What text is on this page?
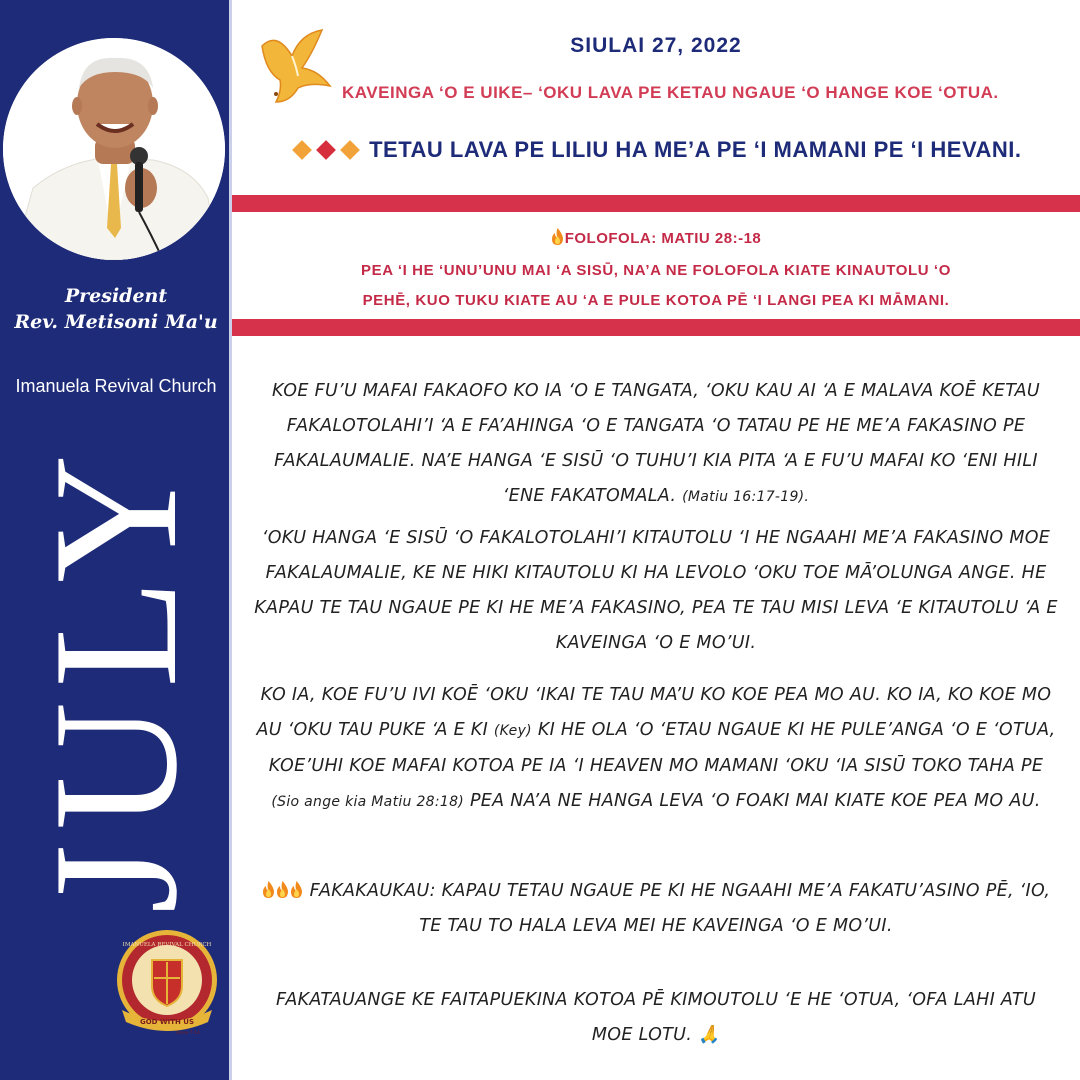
President
Rev. Metisoni Ma'u
Imanuela Revival Church
JULY
GOD WITH US
IMANUELA REVIVAL CHURCH
Aisea 7:14
SIULAI 27, 2022
KAVEINGA ‘O E UIKE– ‘OKU LAVA PE KETAU NGAUE ‘O HANGE KOE ‘OTUA.
TETAU LAVA PE LILIU HA ME’A PE ‘I MAMANI PE ‘I HEVANI.
FOLOFOLA: MATIU 28:-18
PEA ‘I HE ‘UNU’UNU MAI ‘A SISŪ, NA’A NE FOLOFOLA KIATE KINAUTOLU ‘O
PEHĒ, KUO TUKU KIATE AU ‘A E PULE KOTOA PĒ ‘I LANGI PEA KI MĀMANI.
KOE FU’U MAFAI FAKAOFO KO IA ‘O E TANGATA, ‘OKU KAU AI ‘A E MALAVA KOĒ KETAU FAKALOTOLAHI’I ‘A E FA’AHINGA ‘O E TANGATA ‘O TATAU PE HE ME’A FAKASINO PE FAKALAUMALIE. NA’E HANGA ‘E SISŪ ‘O TUHU’I KIA PITA ‘A E FU’U MAFAI KO ‘ENI HILI ‘ENE FAKATOMALA. (Matiu 16:17-19).
‘OKU HANGA ‘E SISŪ ‘O FAKALOTOLAHI’I KITAUTOLU ‘I HE NGAAHI ME’A FAKASINO MOE FAKALAUMALIE, KE NE HIKI KITAUTOLU KI HA LEVOLO ‘OKU TOE MĀ’OLUNGA ANGE. HE KAPAU TE TAU NGAUE PE KI HE ME’A FAKASINO, PEA TE TAU MISI LEVA ‘E KITAUTOLU ‘A E KAVEINGA ‘O E MO’UI.
KO IA, KOE FU’U IVI KOĒ ‘OKU ‘IKAI TE TAU MA’U KO KOE PEA MO AU. KO IA, KO KOE MO AU ‘OKU TAU PUKE ‘A E KI (Key) KI HE OLA ‘O ‘ETAU NGAUE KI HE PULE’ANGA ‘O E ‘OTUA, KOE’UHI KOE MAFAI KOTOA PE IA ‘I HEAVEN MO MAMANI ‘OKU ‘IA SISŪ TOKO TAHA PE (Sio ange kia Matiu 28:18) PEA NA’A NE HANGA LEVA ‘O FOAKI MAI KIATE KOE PEA MO AU.
FAKAKAUKAU: KAPAU TETAU NGAUE PE KI HE NGAAHI ME’A FAKATU’ASINO PĒ, ‘IO, TE TAU TO HALA LEVA MEI HE KAVEINGA ‘O E MO’UI.
FAKATAUANGE KE FAITAPUEKINA KOTOA PĒ KIMOUTOLU ‘E HE ‘OTUA, ‘OFA LAHI ATU MOE LOTU. 🙏
